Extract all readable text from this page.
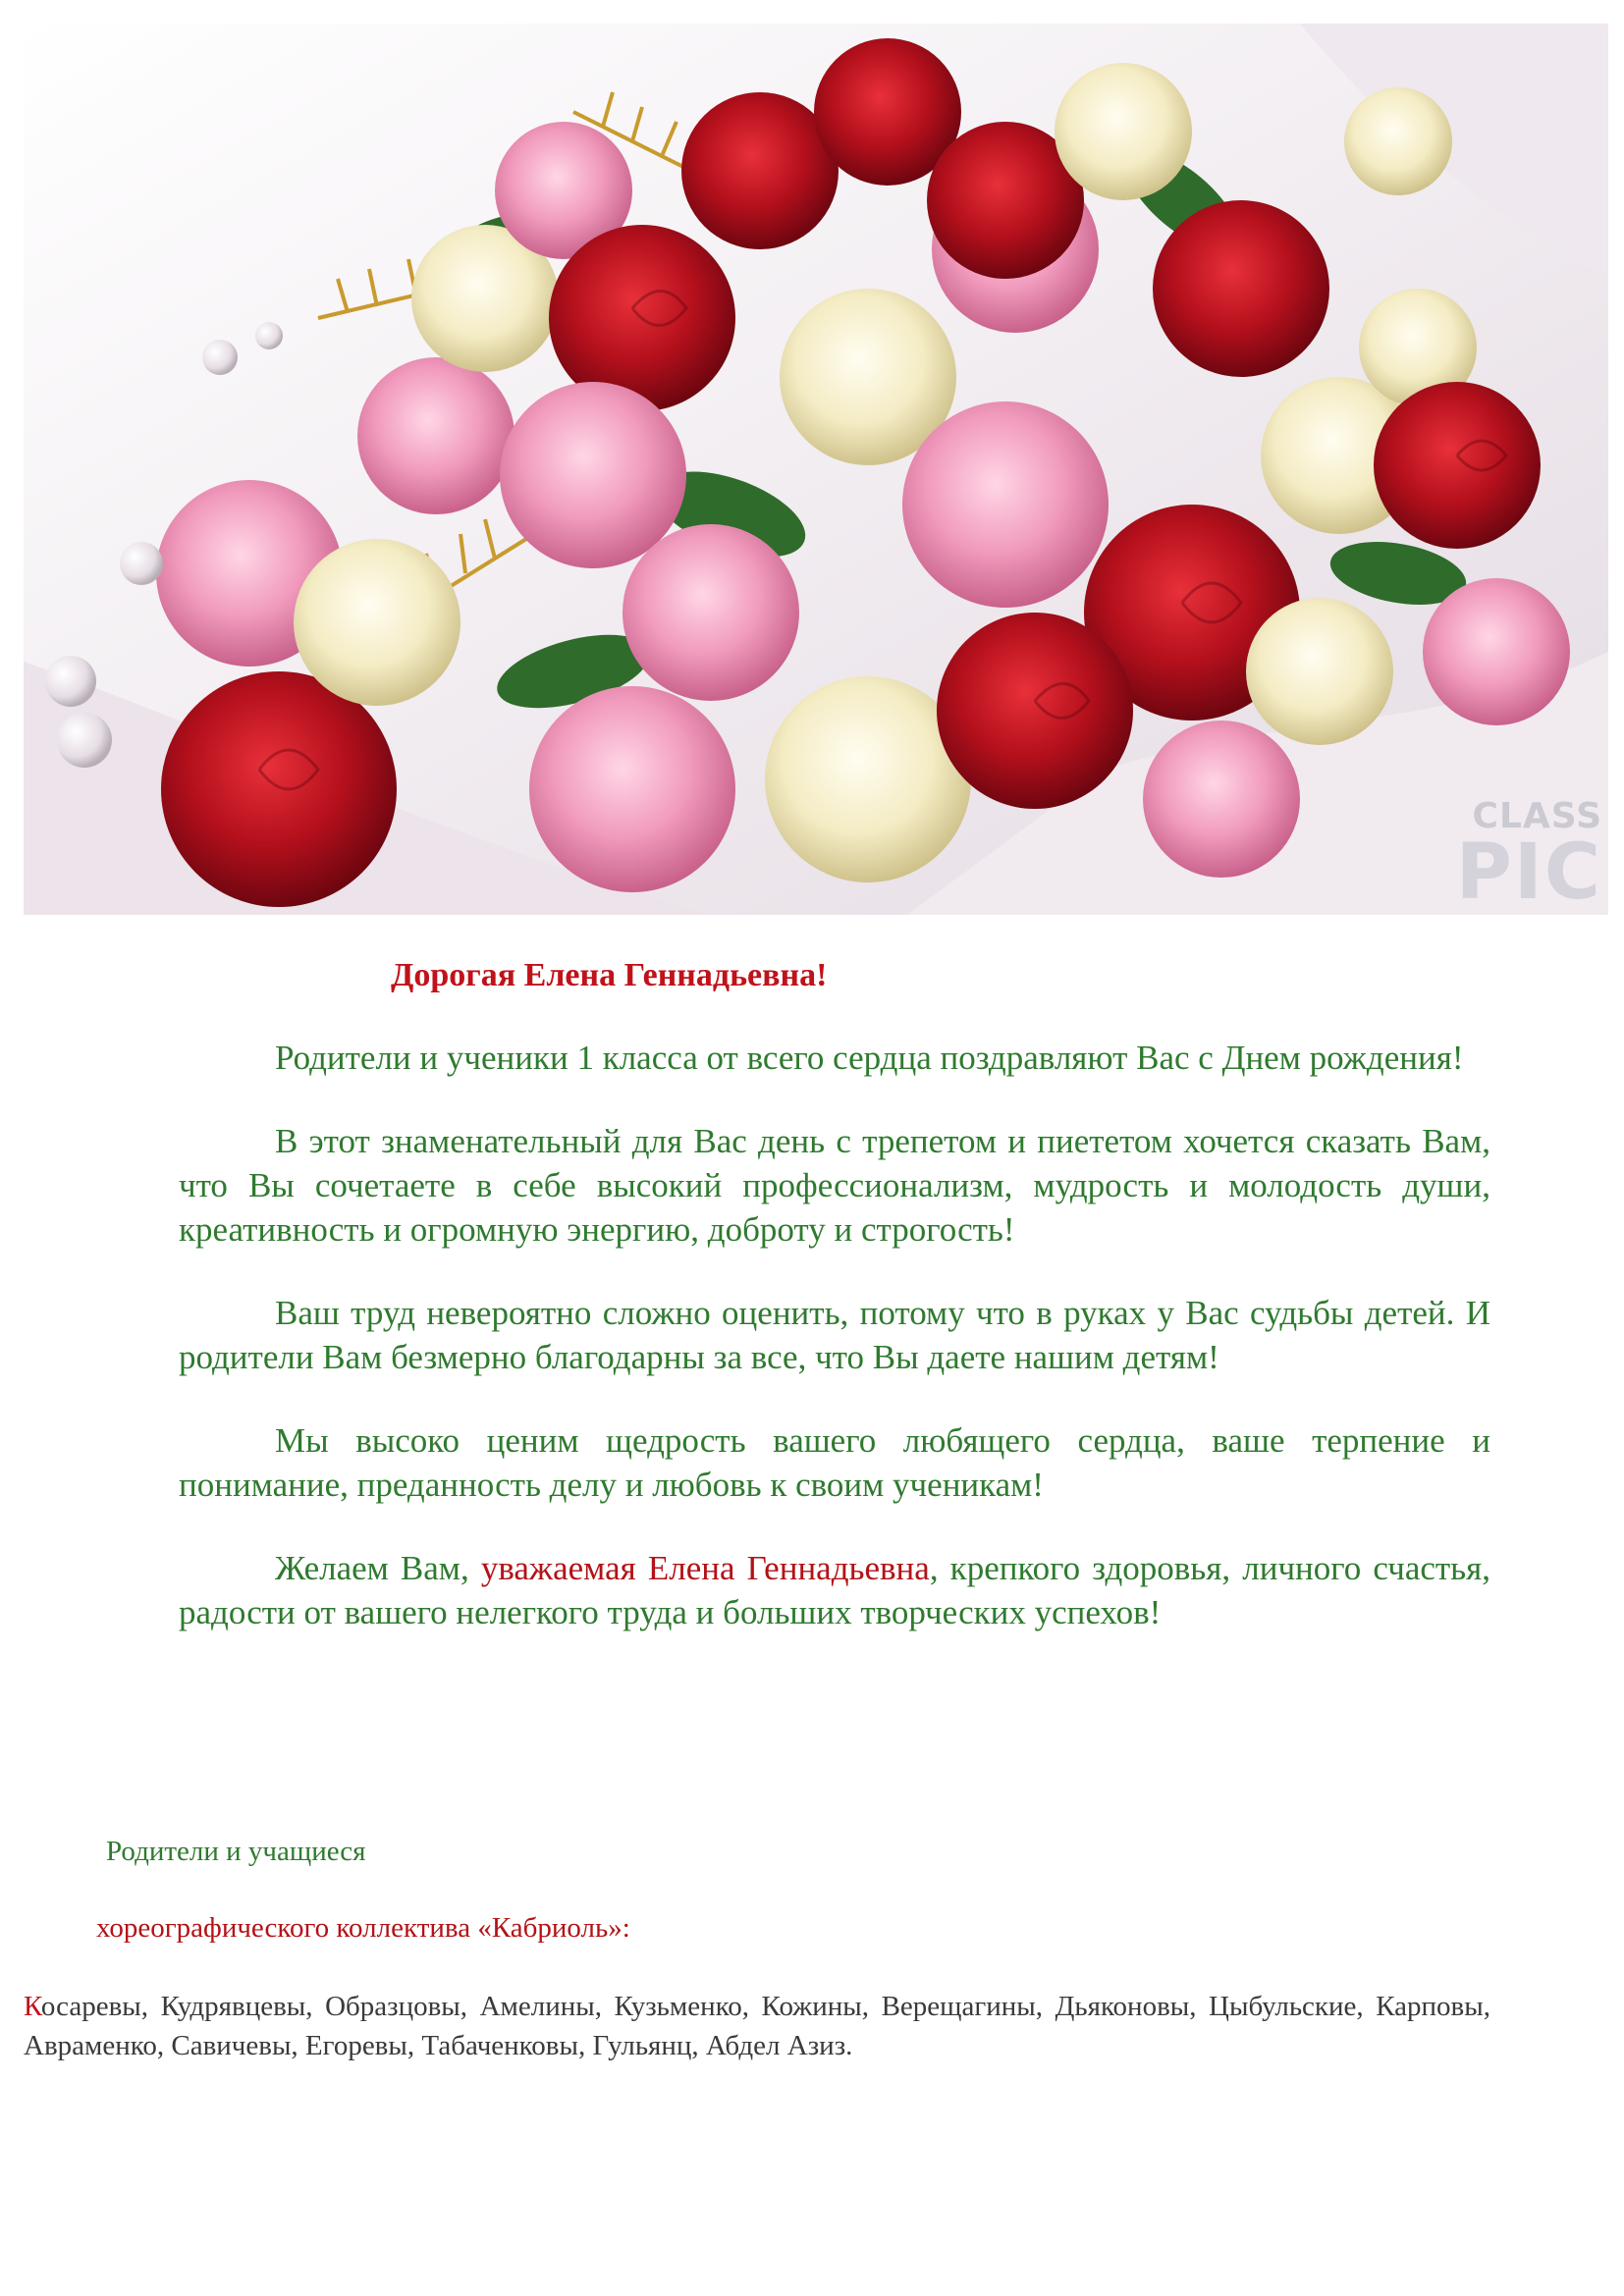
CLASS
PIC
Дорогая Елена Геннадьевна!

Родители и ученики 1 класса от всего сердца поздравляют Вас с Днем рождения!

В этот знаменательный для Вас день с трепетом и пиететом хочется сказать Вам, что Вы сочетаете в себе высокий профессионализм, мудрость и молодость души, креативность и огромную энергию, доброту и строгость!

Ваш труд невероятно сложно оценить, потому что в руках у Вас судьбы детей. И родители Вам безмерно благодарны за все, что Вы даете нашим детям!

Мы высоко ценим щедрость вашего любящего сердца, ваше терпение и понимание, преданность делу и любовь к своим ученикам!

Желаем Вам, уважаемая Елена Геннадьевна, крепкого здоровья, личного счастья, радости от вашего нелегкого труда и больших творческих успехов!

Родители и учащиеся

хореографического коллектива «Кабриоль»:

Косаревы, Кудрявцевы, Образцовы, Амелины, Кузьменко, Кожины, Верещагины, Дьяконовы, Цыбульские, Карповы, Авраменко, Савичевы, Егоревы, Табаченковы, Гульянц, Абдел Азиз.
